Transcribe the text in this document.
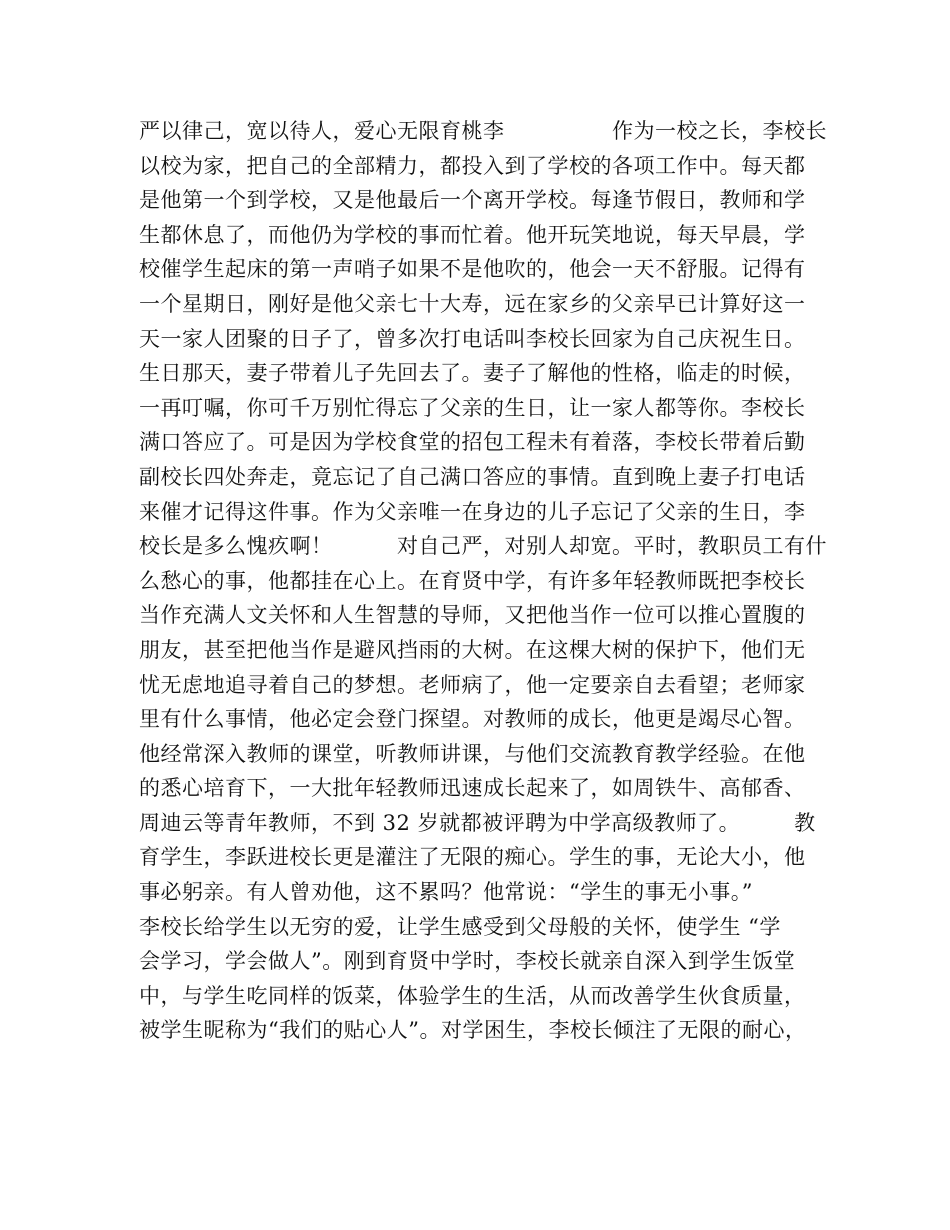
严以律己，宽以待人，爱心无限育桃李　　　　　作为一校之长，李校长
以校为家，把自己的全部精力，都投入到了学校的各项工作中。每天都
是他第一个到学校，又是他最后一个离开学校。每逢节假日，教师和学
生都休息了，而他仍为学校的事而忙着。他开玩笑地说，每天早晨，学
校催学生起床的第一声哨子如果不是他吹的，他会一天不舒服。记得有
一个星期日，刚好是他父亲七十大寿，远在家乡的父亲早已计算好这一
天一家人团聚的日子了，曾多次打电话叫李校长回家为自己庆祝生日。
生日那天，妻子带着儿子先回去了。妻子了解他的性格，临走的时候，
一再叮嘱，你可千万别忙得忘了父亲的生日，让一家人都等你。李校长
满口答应了。可是因为学校食堂的招包工程未有着落，李校长带着后勤
副校长四处奔走，竟忘记了自己满口答应的事情。直到晚上妻子打电话
来催才记得这件事。作为父亲唯一在身边的儿子忘记了父亲的生日，李
校长是多么愧疚啊！　　　对自己严，对别人却宽。平时，教职员工有什
么愁心的事，他都挂在心上。在育贤中学，有许多年轻教师既把李校长
当作充满人文关怀和人生智慧的导师，又把他当作一位可以推心置腹的
朋友，甚至把他当作是避风挡雨的大树。在这棵大树的保护下，他们无
忧无虑地追寻着自己的梦想。老师病了，他一定要亲自去看望；老师家
里有什么事情，他必定会登门探望。对教师的成长，他更是竭尽心智。
他经常深入教师的课堂，听教师讲课，与他们交流教育教学经验。在他
的悉心培育下，一大批年轻教师迅速成长起来了，如周铁牛、高郁香、
周迪云等青年教师，不到 32 岁就都被评聘为中学高级教师了。　　　教
育学生，李跃进校长更是灌注了无限的痴心。学生的事，无论大小，他
事必躬亲。有人曾劝他，这不累吗？他常说：“学生的事无小事。”
李校长给学生以无穷的爱，让学生感受到父母般的关怀，使学生 “学
会学习，学会做人”。刚到育贤中学时，李校长就亲自深入到学生饭堂
中，与学生吃同样的饭菜，体验学生的生活，从而改善学生伙食质量，
被学生昵称为“我们的贴心人”。对学困生，李校长倾注了无限的耐心，
